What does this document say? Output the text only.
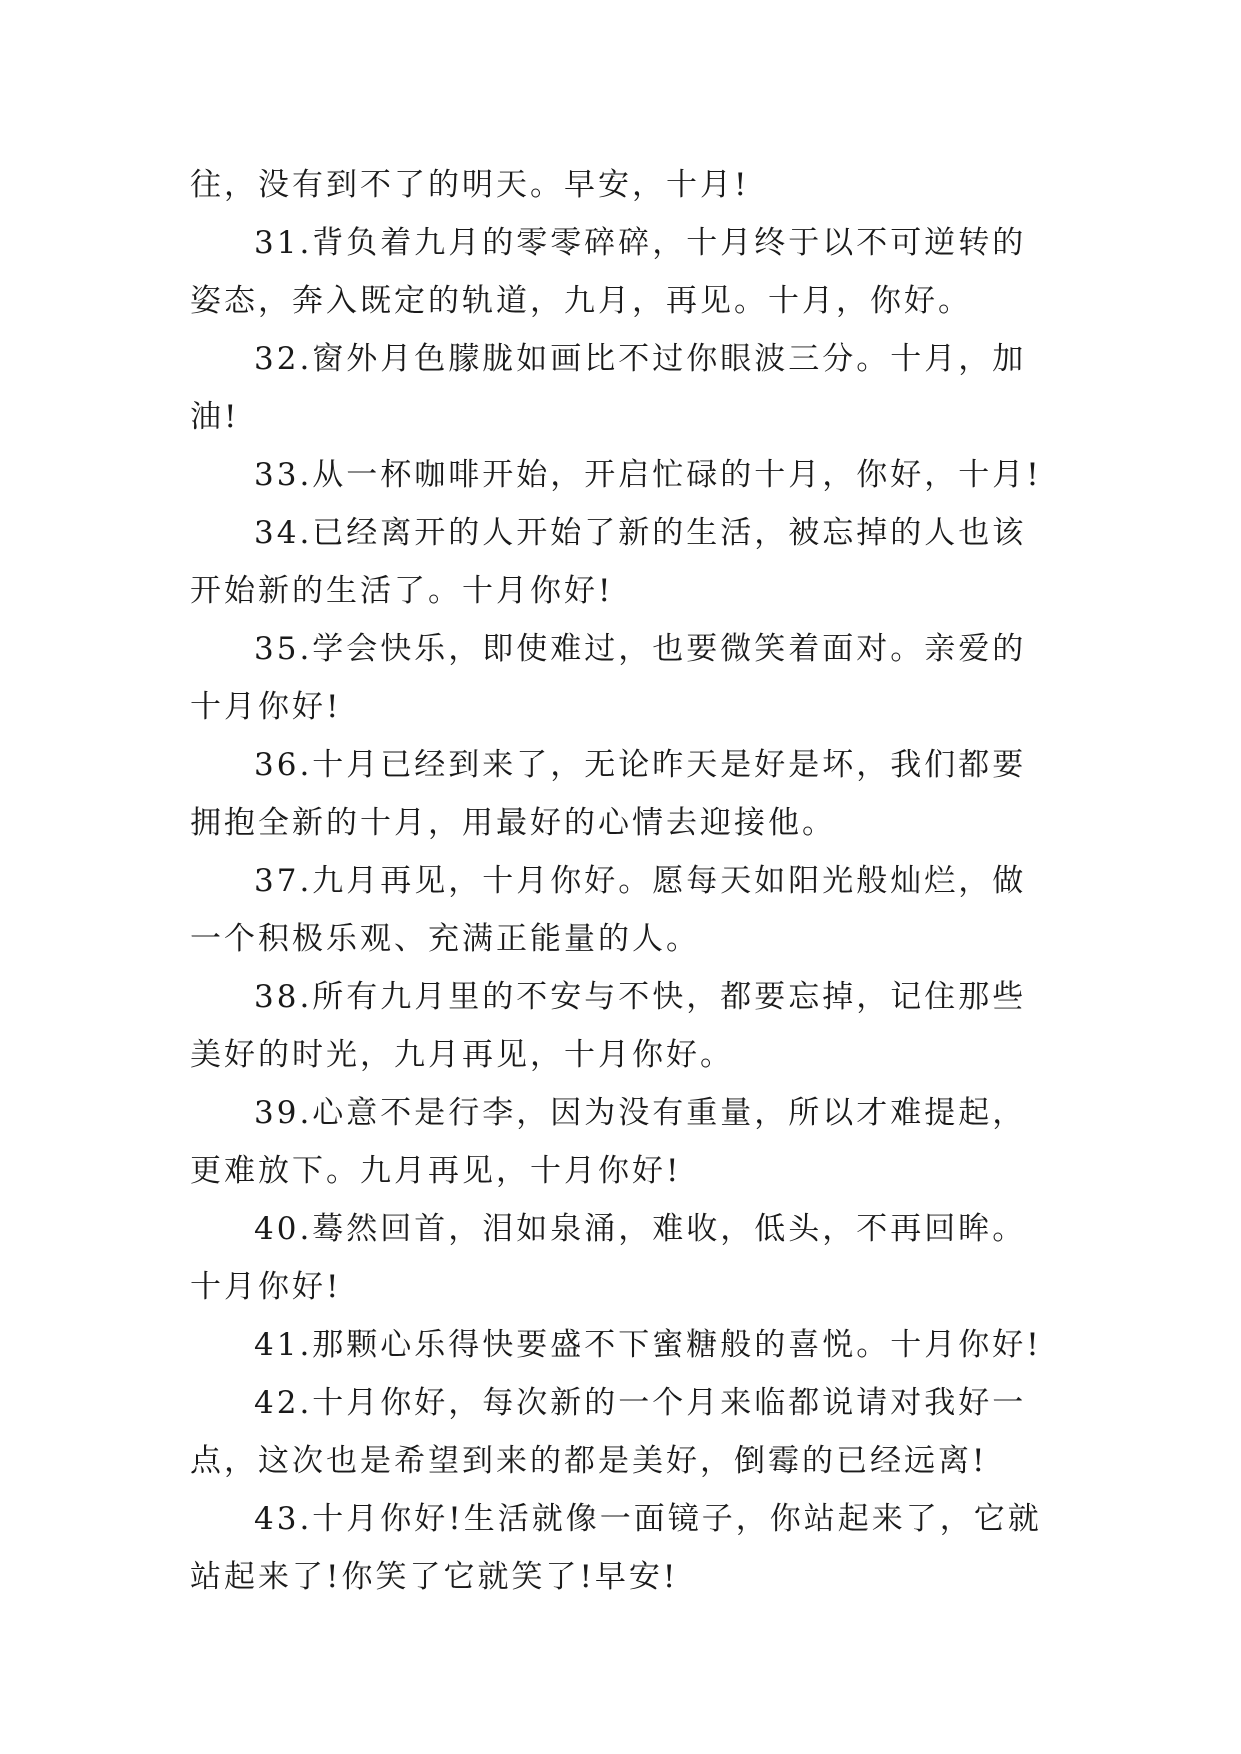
往，没有到不了的明天。早安，十月!

31.背负着九月的零零碎碎，十月终于以不可逆转的姿态，奔入既定的轨道，九月，再见。十月，你好。

32.窗外月色朦胧如画比不过你眼波三分。十月，加油!

33.从一杯咖啡开始，开启忙碌的十月，你好，十月!

34.已经离开的人开始了新的生活，被忘掉的人也该开始新的生活了。十月你好!

35.学会快乐，即使难过，也要微笑着面对。亲爱的十月你好!

36.十月已经到来了，无论昨天是好是坏，我们都要拥抱全新的十月，用最好的心情去迎接他。

37.九月再见，十月你好。愿每天如阳光般灿烂，做一个积极乐观、充满正能量的人。

38.所有九月里的不安与不快，都要忘掉，记住那些美好的时光，九月再见，十月你好。

39.心意不是行李，因为没有重量，所以才难提起，更难放下。九月再见，十月你好!

40.蓦然回首，泪如泉涌，难收，低头，不再回眸。十月你好!

41.那颗心乐得快要盛不下蜜糖般的喜悦。十月你好!

42.十月你好，每次新的一个月来临都说请对我好一点，这次也是希望到来的都是美好，倒霉的已经远离!

43.十月你好!生活就像一面镜子，你站起来了，它就站起来了!你笑了它就笑了!早安!
